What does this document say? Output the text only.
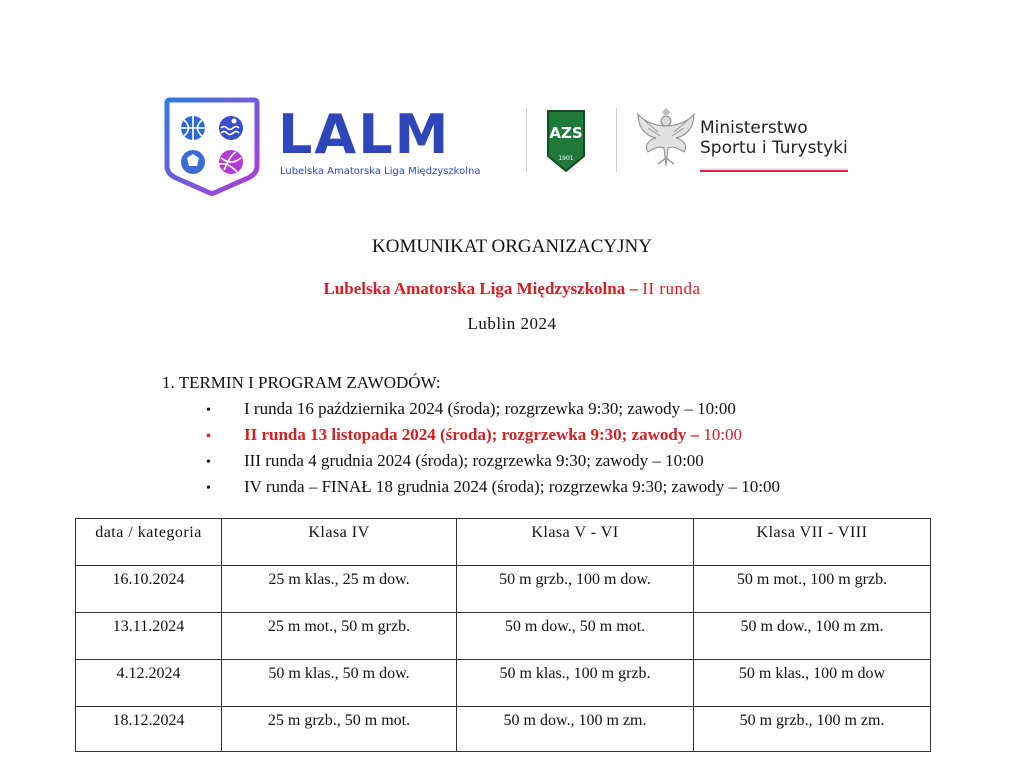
LALM
Lubelska Amatorska Liga Międzyszkolna
AZS
1901
Ministerstwo
Sportu i Turystyki
KOMUNIKAT ORGANIZACYJNY
Lubelska Amatorska Liga Międzyszkolna – II runda
Lublin 2024
1. TERMIN I PROGRAM ZAWODÓW:
• I runda 16 października 2024 (środa); rozgrzewka 9:30; zawody – 10:00
• II runda 13 listopada 2024 (środa); rozgrzewka 9:30; zawody – 10:00
• III runda 4 grudnia 2024 (środa); rozgrzewka 9:30; zawody – 10:00
• IV runda – FINAŁ 18 grudnia 2024 (środa); rozgrzewka 9:30; zawody – 10:00
data / kategoria	Klasa IV	Klasa V - VI	Klasa VII - VIII
16.10.2024	25 m klas., 25 m dow.	50 m grzb., 100 m dow.	50 m mot., 100 m grzb.
13.11.2024	25 m mot., 50 m grzb.	50 m dow., 50 m mot.	50 m dow., 100 m zm.
4.12.2024	50 m klas., 50 m dow.	50 m klas., 100 m grzb.	50 m klas., 100 m dow
18.12.2024	25 m grzb., 50 m mot.	50 m dow., 100 m zm.	50 m grzb., 100 m zm.
